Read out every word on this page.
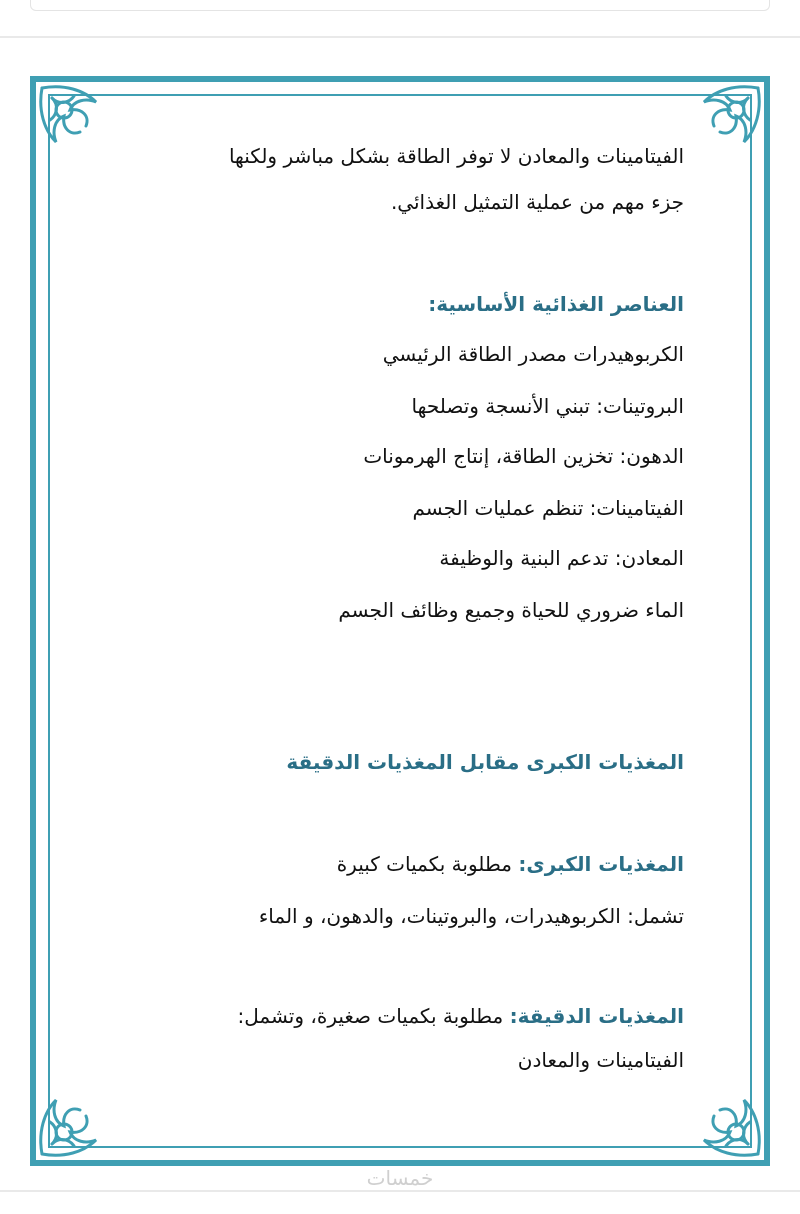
الفيتامينات والمعادن لا توفر الطاقة بشكل مباشر ولكنها
جزء مهم من عملية التمثيل الغذائي.
العناصر الغذائية الأساسية:
الكربوهيدرات مصدر الطاقة الرئيسي
البروتينات: تبني الأنسجة وتصلحها
الدهون: تخزين الطاقة، إنتاج الهرمونات
الفيتامينات: تنظم عمليات الجسم
المعادن: تدعم البنية والوظيفة
الماء ضروري للحياة وجميع وظائف الجسم
المغذيات الكبرى مقابل المغذيات الدقيقة
المغذيات الكبرى: مطلوبة بكميات كبيرة
تشمل: الكربوهيدرات، والبروتينات، والدهون، و الماء
المغذيات الدقيقة: مطلوبة بكميات صغيرة، وتشمل:
الفيتامينات والمعادن
خمسات
